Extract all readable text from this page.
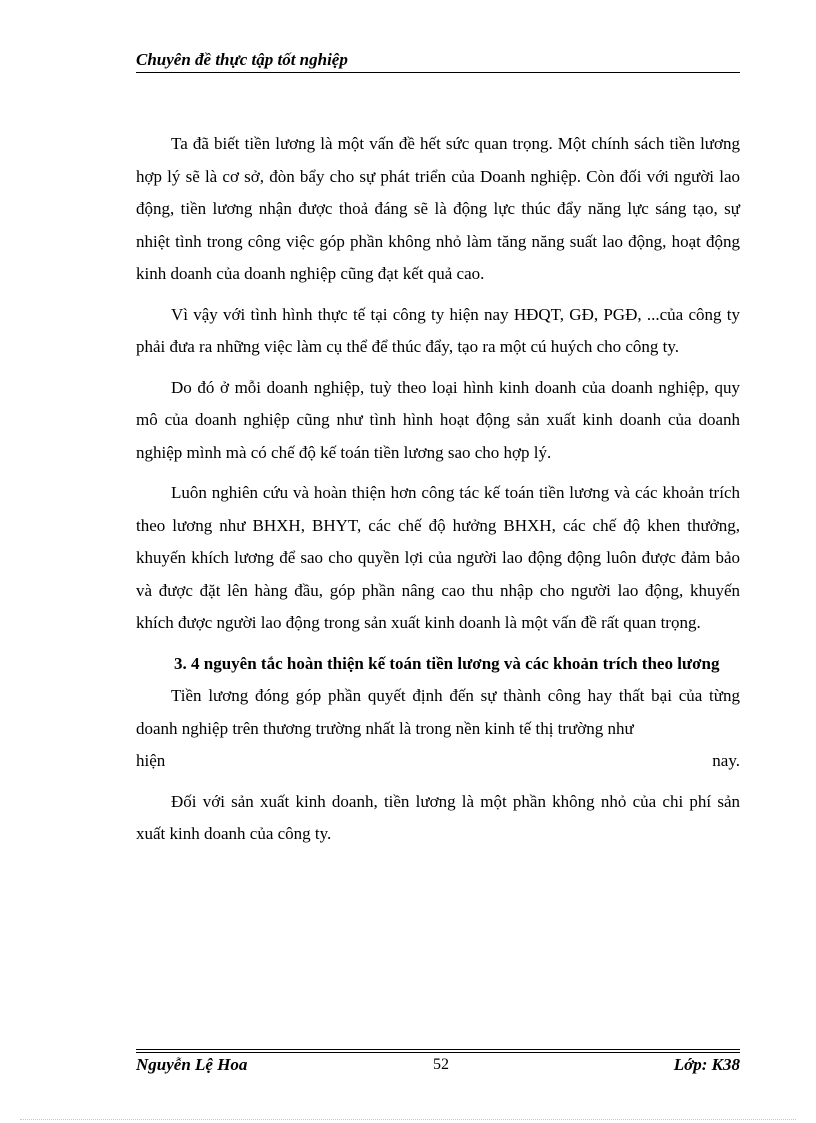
Chuyên đề thực tập tốt nghiệp

Ta đã biết tiền lương là một vấn đề hết sức quan trọng. Một chính sách tiền lương hợp lý sẽ là cơ sở, đòn bẩy cho sự phát triển của Doanh nghiệp. Còn đối với người lao động, tiền lương nhận được thoả đáng sẽ là động lực thúc đẩy năng lực sáng tạo, sự nhiệt tình trong công việc góp phần không nhỏ làm tăng năng suất lao động, hoạt động kinh doanh của doanh nghiệp cũng đạt kết quả cao.

Vì vậy với tình hình thực tế tại công ty hiện nay HĐQT, GĐ, PGĐ, ...của công ty phải đưa ra những việc làm cụ thể để thúc đẩy, tạo ra một cú huých cho công ty.

Do đó ở mỗi doanh nghiệp, tuỳ theo loại hình kinh doanh của doanh nghiệp, quy mô của doanh nghiệp cũng như tình hình hoạt động sản xuất kinh doanh của doanh nghiệp mình mà có chế độ kế toán tiền lương sao cho hợp lý.

Luôn nghiên cứu và hoàn thiện hơn công tác kế toán tiền lương và các khoản trích theo lương như BHXH, BHYT, các chế độ hưởng BHXH, các chế độ khen thưởng, khuyến khích lương để sao cho quyền lợi của người lao động động luôn được đảm bảo và được đặt lên hàng đầu, góp phần nâng cao thu nhập cho người lao động, khuyến khích được người lao động trong sản xuất kinh doanh là một vấn đề rất quan trọng.

3. 4 nguyên tắc hoàn thiện kế toán tiền lương và các khoản trích theo lương

Tiền lương đóng góp phần quyết định đến sự thành công hay thất bại của từng doanh nghiệp trên thương trường nhất là trong nền kinh tế thị trường như

hiện	nay.

Đối với sản xuất kinh doanh, tiền lương là một phần không nhỏ của chi phí sản xuất kinh doanh của công ty.

Nguyễn Lệ Hoa	52	Lớp: K38
